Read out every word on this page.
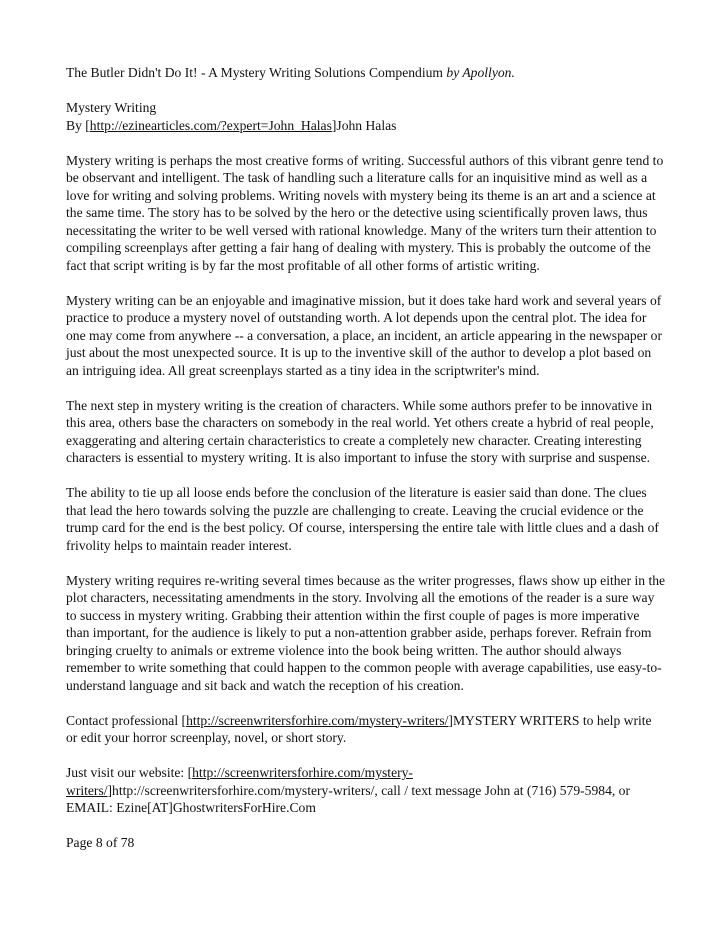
The Butler Didn't Do It! - A Mystery Writing Solutions Compendium by Apollyon.

Mystery Writing
By [http://ezinearticles.com/?expert=John_Halas]John Halas

Mystery writing is perhaps the most creative forms of writing. Successful authors of this vibrant genre tend to be observant and intelligent. The task of handling such a literature calls for an inquisitive mind as well as a love for writing and solving problems. Writing novels with mystery being its theme is an art and a science at the same time. The story has to be solved by the hero or the detective using scientifically proven laws, thus necessitating the writer to be well versed with rational knowledge. Many of the writers turn their attention to compiling screenplays after getting a fair hang of dealing with mystery. This is probably the outcome of the fact that script writing is by far the most profitable of all other forms of artistic writing.

Mystery writing can be an enjoyable and imaginative mission, but it does take hard work and several years of practice to produce a mystery novel of outstanding worth. A lot depends upon the central plot. The idea for one may come from anywhere -- a conversation, a place, an incident, an article appearing in the newspaper or just about the most unexpected source. It is up to the inventive skill of the author to develop a plot based on an intriguing idea. All great screenplays started as a tiny idea in the scriptwriter's mind.

The next step in mystery writing is the creation of characters. While some authors prefer to be innovative in this area, others base the characters on somebody in the real world. Yet others create a hybrid of real people, exaggerating and altering certain characteristics to create a completely new character. Creating interesting characters is essential to mystery writing. It is also important to infuse the story with surprise and suspense.

The ability to tie up all loose ends before the conclusion of the literature is easier said than done. The clues that lead the hero towards solving the puzzle are challenging to create. Leaving the crucial evidence or the trump card for the end is the best policy. Of course, interspersing the entire tale with little clues and a dash of frivolity helps to maintain reader interest.

Mystery writing requires re-writing several times because as the writer progresses, flaws show up either in the plot characters, necessitating amendments in the story. Involving all the emotions of the reader is a sure way to success in mystery writing. Grabbing their attention within the first couple of pages is more imperative than important, for the audience is likely to put a non-attention grabber aside, perhaps forever. Refrain from bringing cruelty to animals or extreme violence into the book being written. The author should always remember to write something that could happen to the common people with average capabilities, use easy-to-understand language and sit back and watch the reception of his creation.

Contact professional [http://screenwritersforhire.com/mystery-writers/]MYSTERY WRITERS to help write or edit your horror screenplay, novel, or short story.

Just visit our website: [http://screenwritersforhire.com/mystery-writers/]http://screenwritersforhire.com/mystery-writers/, call / text message John at (716) 579-5984, or EMAIL: Ezine[AT]GhostwritersForHire.Com

Page 8 of 78
